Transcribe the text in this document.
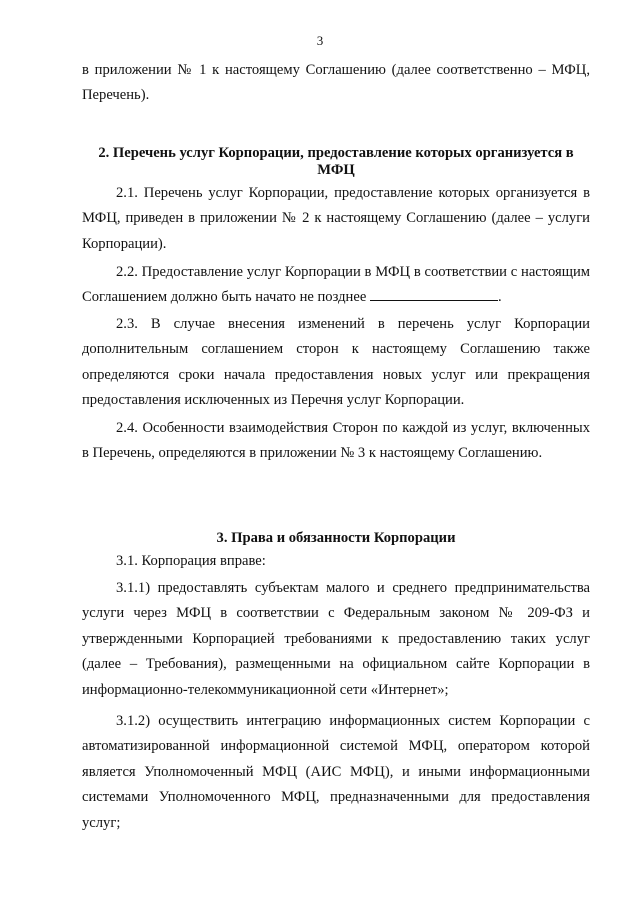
3
в приложении № 1 к настоящему Соглашению (далее соответственно – МФЦ, Перечень).
2. Перечень услуг Корпорации, предоставление которых организуется в МФЦ
2.1. Перечень услуг Корпорации, предоставление которых организуется в МФЦ, приведен в приложении № 2 к настоящему Соглашению (далее – услуги Корпорации).
2.2. Предоставление услуг Корпорации в МФЦ в соответствии с настоящим Соглашением должно быть начато не позднее	.
2.3. В случае внесения изменений в перечень услуг Корпорации дополнительным соглашением сторон к настоящему Соглашению также определяются сроки начала предоставления новых услуг или прекращения предоставления исключенных из Перечня услуг Корпорации.
2.4. Особенности взаимодействия Сторон по каждой из услуг, включенных в Перечень, определяются в приложении № 3 к настоящему Соглашению.
3. Права и обязанности Корпорации
3.1. Корпорация вправе:
3.1.1) предоставлять субъектам малого и среднего предпринимательства услуги через МФЦ в соответствии с Федеральным законом № 209-ФЗ и утвержденными Корпорацией требованиями к предоставлению таких услуг (далее – Требования), размещенными на официальном сайте Корпорации в информационно-телекоммуникационной сети «Интернет»;
3.1.2) осуществить интеграцию информационных систем Корпорации с автоматизированной информационной системой МФЦ, оператором которой является Уполномоченный МФЦ (АИС МФЦ), и иными информационными системами Уполномоченного МФЦ, предназначенными для предоставления услуг;
